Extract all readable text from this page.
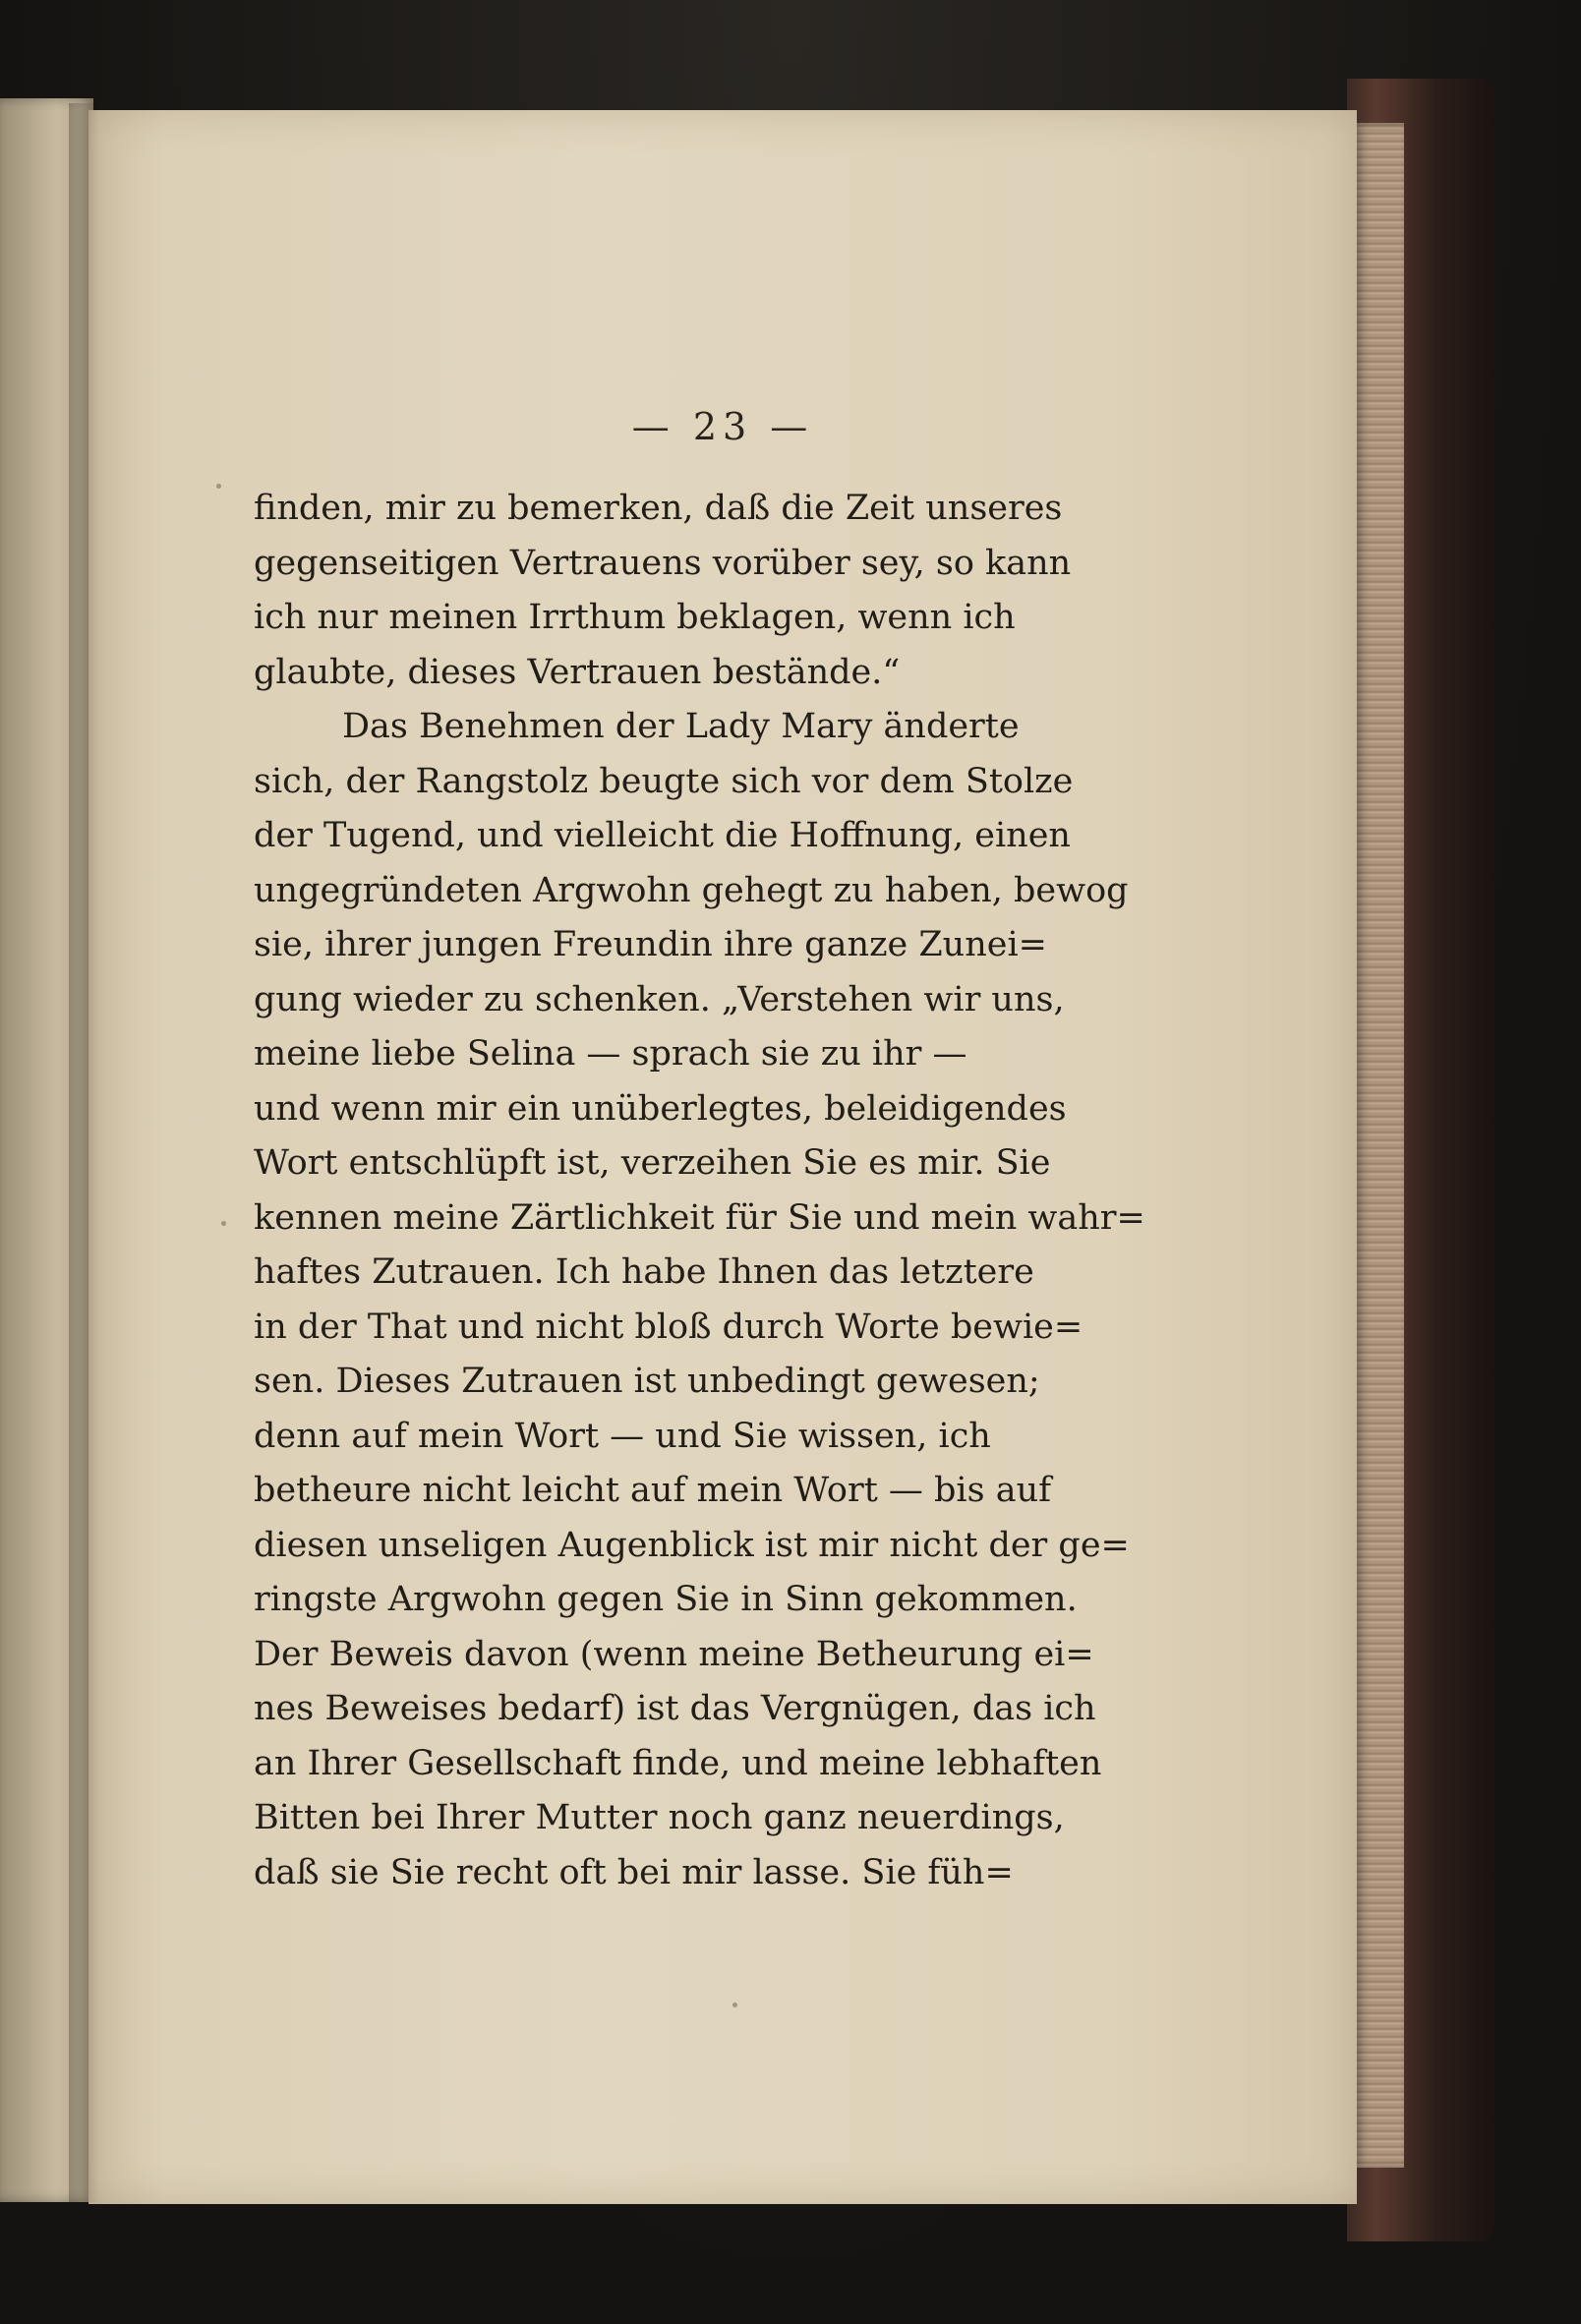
— 23 —
finden, mir zu bemerken, daß die Zeit unseres
gegenseitigen Vertrauens vorüber sey, so kann
ich nur meinen Irrthum beklagen, wenn ich
glaubte, dieses Vertrauen bestände.“
Das Benehmen der Lady Mary änderte
sich, der Rangstolz beugte sich vor dem Stolze
der Tugend, und vielleicht die Hoffnung, einen
ungegründeten Argwohn gehegt zu haben, bewog
sie, ihrer jungen Freundin ihre ganze Zunei=
gung wieder zu schenken. „Verstehen wir uns,
meine liebe Selina — sprach sie zu ihr —
und wenn mir ein unüberlegtes, beleidigendes
Wort entschlüpft ist, verzeihen Sie es mir. Sie
kennen meine Zärtlichkeit für Sie und mein wahr=
haftes Zutrauen. Ich habe Ihnen das letztere
in der That und nicht bloß durch Worte bewie=
sen. Dieses Zutrauen ist unbedingt gewesen;
denn auf mein Wort — und Sie wissen, ich
betheure nicht leicht auf mein Wort — bis auf
diesen unseligen Augenblick ist mir nicht der ge=
ringste Argwohn gegen Sie in Sinn gekommen.
Der Beweis davon (wenn meine Betheurung ei=
nes Beweises bedarf) ist das Vergnügen, das ich
an Ihrer Gesellschaft finde, und meine lebhaften
Bitten bei Ihrer Mutter noch ganz neuerdings,
daß sie Sie recht oft bei mir lasse. Sie füh=
